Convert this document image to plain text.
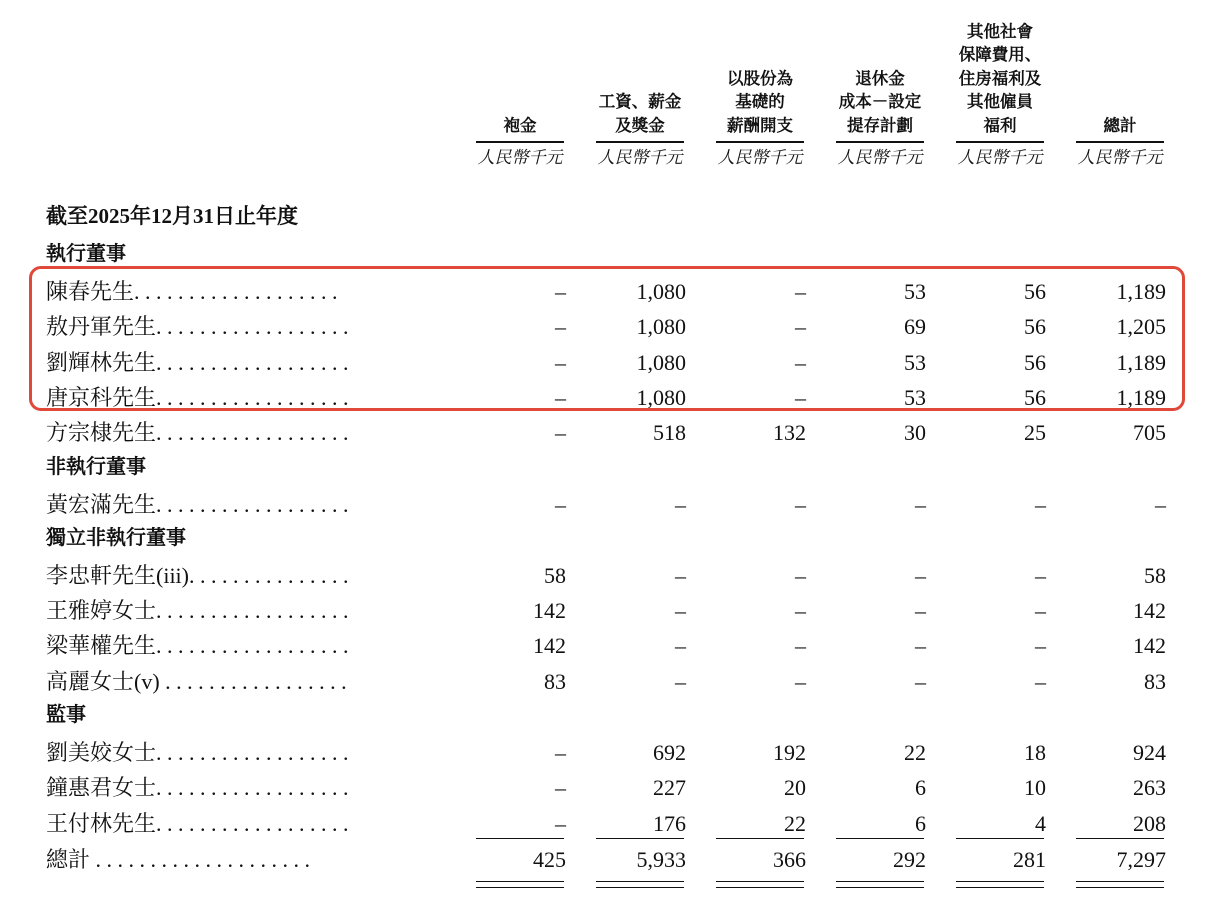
袍金
人民幣千元
工資、薪金
及獎金
人民幣千元
以股份為
基礎的
薪酬開支
人民幣千元
退休金
成本－設定
提存計劃
人民幣千元
其他社會
保障費用、
住房福利及
其他僱員
福利
人民幣千元
總計
人民幣千元
截至2025年12月31日止年度
執行董事
陳春先生. . . . . . . . . . . . . . . . . . .	–	1,080	–	53	56	1,189
敖丹軍先生. . . . . . . . . . . . . . . . . .	–	1,080	–	69	56	1,205
劉輝林先生. . . . . . . . . . . . . . . . . .	–	1,080	–	53	56	1,189
唐京科先生. . . . . . . . . . . . . . . . . .	–	1,080	–	53	56	1,189
方宗棣先生. . . . . . . . . . . . . . . . . .	–	518	132	30	25	705
非執行董事
黃宏滿先生. . . . . . . . . . . . . . . . . .	–	–	–	–	–	–
獨立非執行董事
李忠軒先生(iii). . . . . . . . . . . . . . .	58	–	–	–	–	58
王雅婷女士. . . . . . . . . . . . . . . . . .	142	–	–	–	–	142
梁華權先生. . . . . . . . . . . . . . . . . .	142	–	–	–	–	142
高麗女士(v) . . . . . . . . . . . . . . . . .	83	–	–	–	–	83
監事
劉美姣女士. . . . . . . . . . . . . . . . . .	–	692	192	22	18	924
鐘惠君女士. . . . . . . . . . . . . . . . . .	–	227	20	6	10	263
王付林先生. . . . . . . . . . . . . . . . . .	–	176	22	6	4	208
總計 . . . . . . . . . . . . . . . . . . . .	425	5,933	366	292	281	7,297
